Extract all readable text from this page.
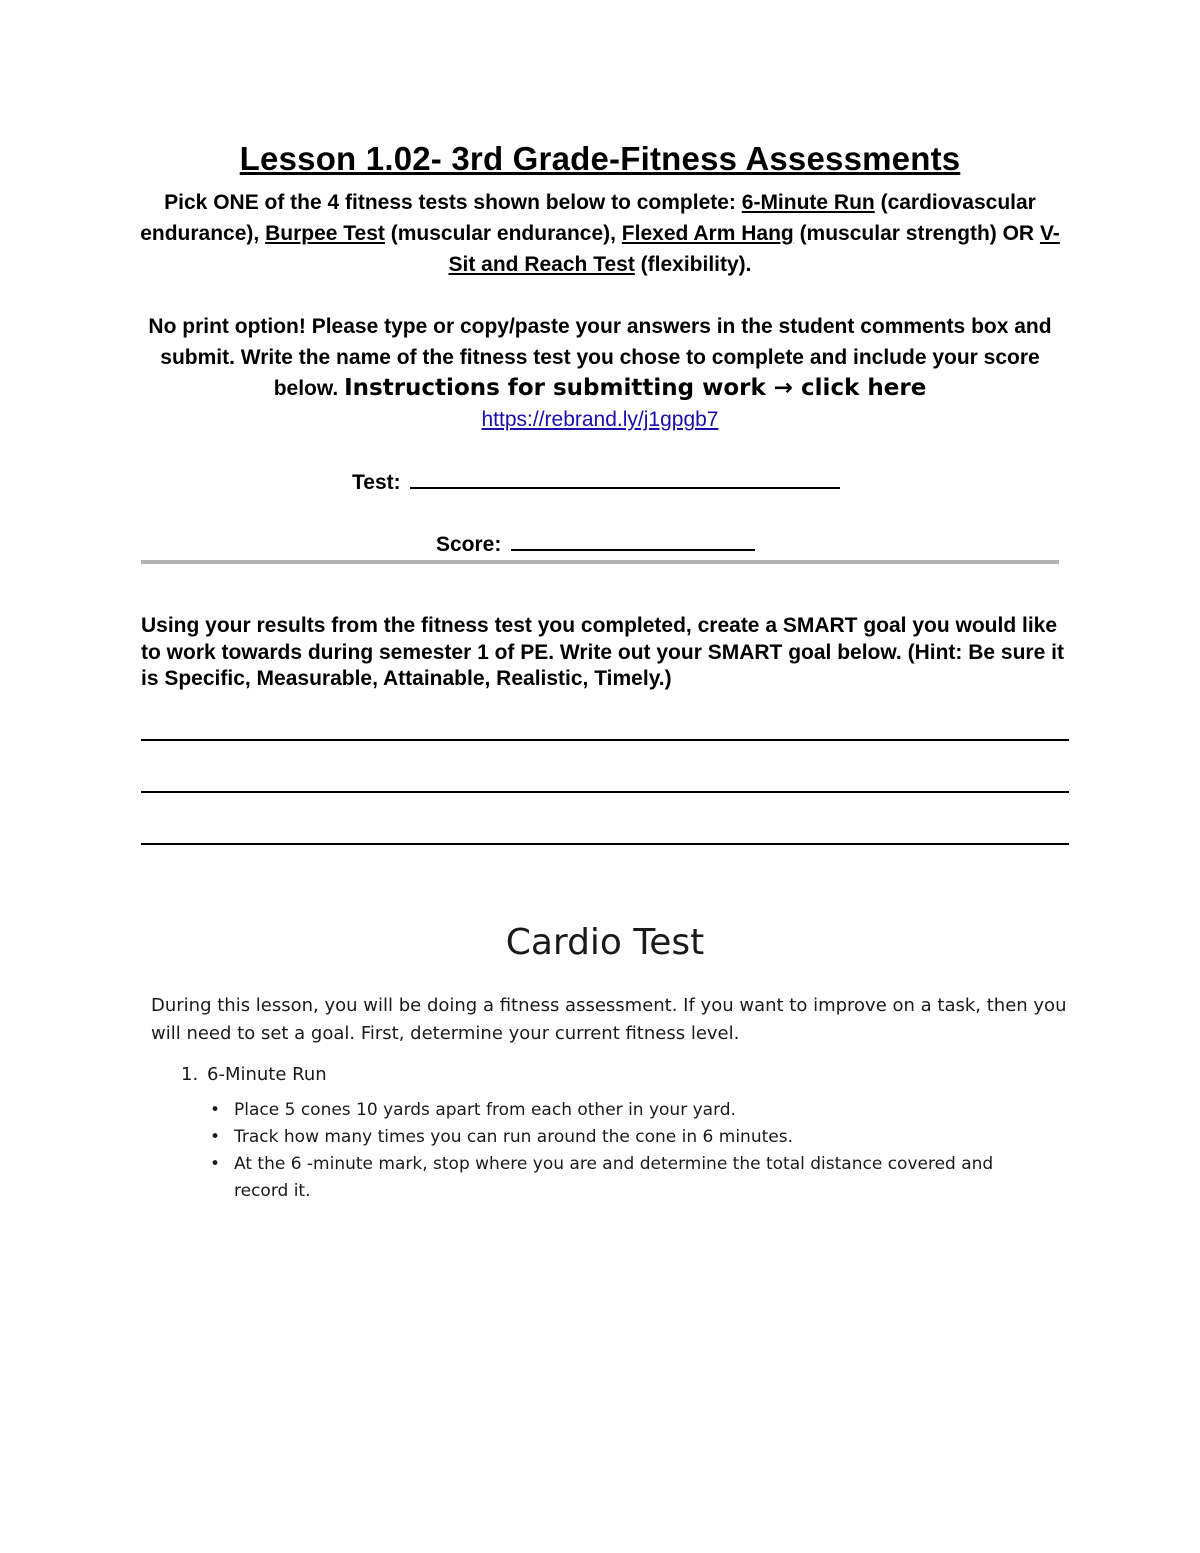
Lesson 1.02- 3rd Grade-Fitness Assessments
Pick ONE of the 4 fitness tests shown below to complete: 6-Minute Run (cardiovascular endurance), Burpee Test (muscular endurance), Flexed Arm Hang (muscular strength) OR V-Sit and Reach Test (flexibility).
No print option! Please type or copy/paste your answers in the student comments box and submit. Write the name of the fitness test you chose to complete and include your score below. Instructions for submitting work → click here
https://rebrand.ly/j1gpgb7
Test:
Score:
Using your results from the fitness test you completed, create a SMART goal you would like to work towards during semester 1 of PE. Write out your SMART goal below. (Hint: Be sure it is Specific, Measurable, Attainable, Realistic, Timely.)
Cardio Test
During this lesson, you will be doing a fitness assessment. If you want to improve on a task, then you will need to set a goal. First, determine your current fitness level.
1. 6-Minute Run
• Place 5 cones 10 yards apart from each other in your yard.
• Track how many times you can run around the cone in 6 minutes.
• At the 6 -minute mark, stop where you are and determine the total distance covered and record it.
